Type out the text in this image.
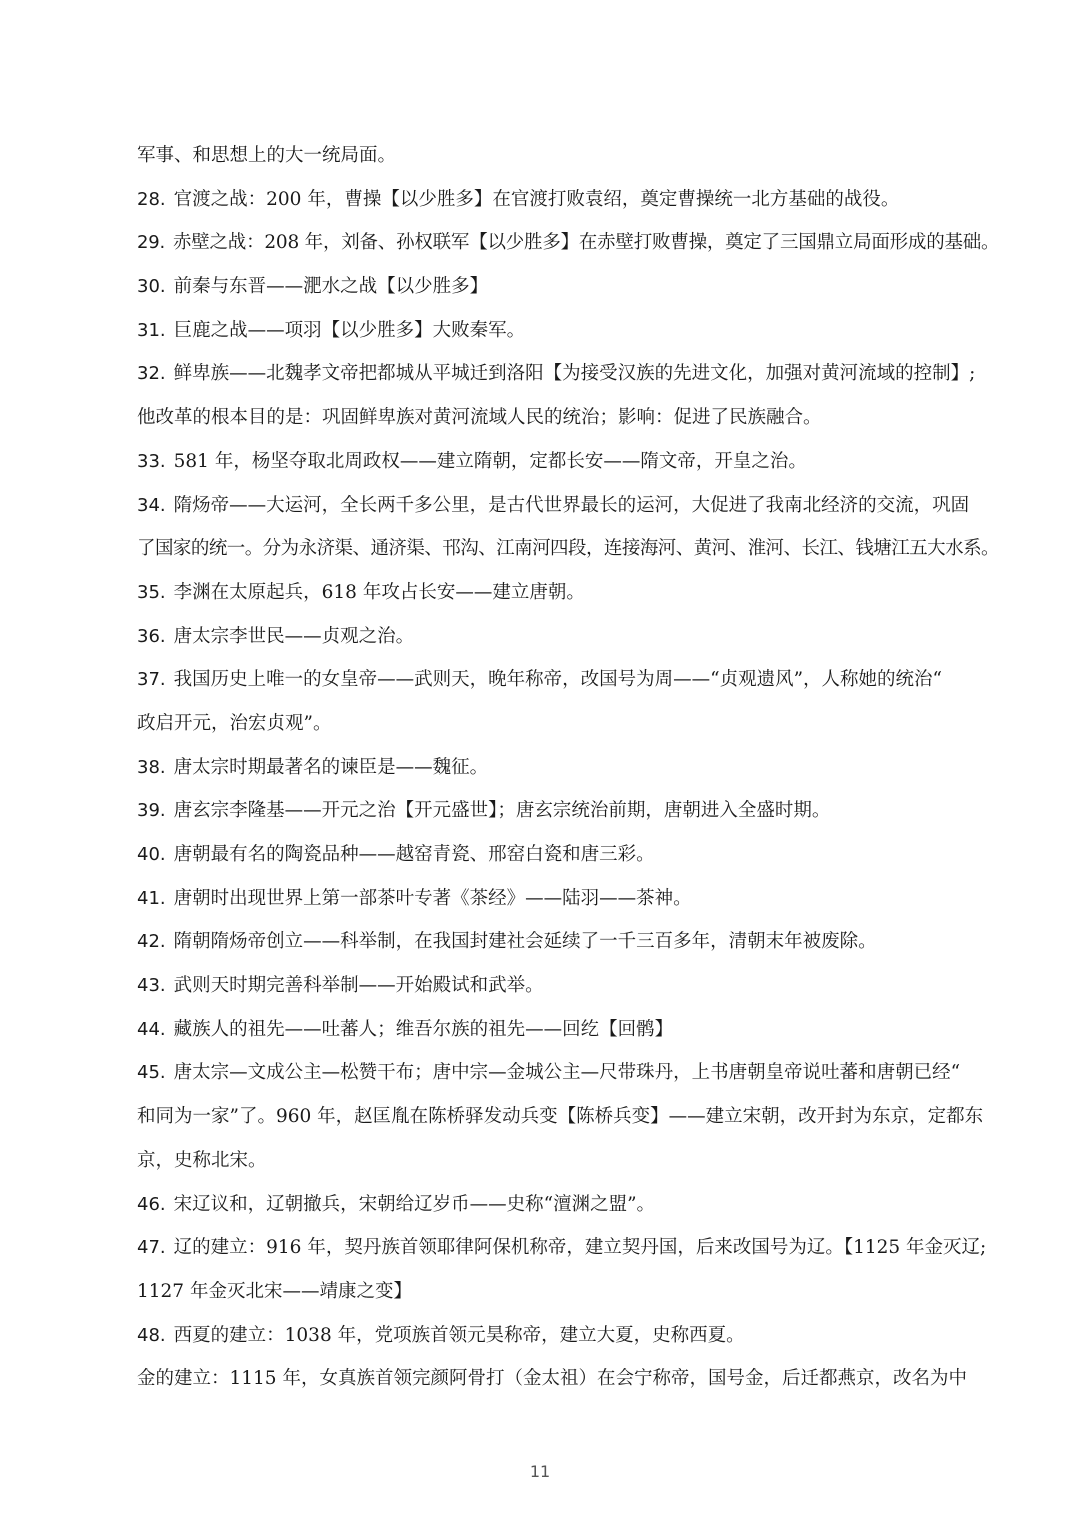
军事、和思想上的大一统局面。
28. 官渡之战：200 年，曹操【以少胜多】在官渡打败袁绍，奠定曹操统一北方基础的战役。
29. 赤壁之战：208 年，刘备、孙权联军【以少胜多】在赤壁打败曹操，奠定了三国鼎立局面形成的基础。
30. 前秦与东晋——淝水之战【以少胜多】
31. 巨鹿之战——项羽【以少胜多】大败秦军。
32. 鲜卑族——北魏孝文帝把都城从平城迁到洛阳【为接受汉族的先进文化，加强对黄河流域的控制】;
他改革的根本目的是：巩固鲜卑族对黄河流域人民的统治；影响：促进了民族融合。
33. 581 年，杨坚夺取北周政权——建立隋朝，定都长安——隋文帝，开皇之治。
34. 隋炀帝——大运河，全长两千多公里，是古代世界最长的运河，大促进了我南北经济的交流，巩固
了国家的统一。分为永济渠、通济渠、邗沟、江南河四段，连接海河、黄河、淮河、长江、钱塘江五大水系。
35. 李渊在太原起兵，618 年攻占长安——建立唐朝。
36. 唐太宗李世民——贞观之治。
37. 我国历史上唯一的女皇帝——武则天，晚年称帝，改国号为周——“贞观遗风”，人称她的统治“
政启开元，治宏贞观”。
38. 唐太宗时期最著名的谏臣是——魏征。
39. 唐玄宗李隆基——开元之治【开元盛世】；唐玄宗统治前期，唐朝进入全盛时期。
40. 唐朝最有名的陶瓷品种——越窑青瓷、邢窑白瓷和唐三彩。
41. 唐朝时出现世界上第一部茶叶专著《茶经》——陆羽——茶神。
42. 隋朝隋炀帝创立——科举制，在我国封建社会延续了一千三百多年，清朝末年被废除。
43. 武则天时期完善科举制——开始殿试和武举。
44. 藏族人的祖先——吐蕃人；维吾尔族的祖先——回纥【回鹘】
45. 唐太宗—文成公主—松赞干布；唐中宗—金城公主—尺带珠丹，上书唐朝皇帝说吐蕃和唐朝已经“
和同为一家”了。960 年，赵匡胤在陈桥驿发动兵变【陈桥兵变】——建立宋朝，改开封为东京，定都东
京，史称北宋。
46. 宋辽议和，辽朝撤兵，宋朝给辽岁币——史称“澶渊之盟”。
47. 辽的建立：916 年，契丹族首领耶律阿保机称帝，建立契丹国，后来改国号为辽。【1125 年金灭辽;
1127 年金灭北宋——靖康之变】
48. 西夏的建立：1038 年，党项族首领元昊称帝，建立大夏，史称西夏。
金的建立：1115 年，女真族首领完颜阿骨打（金太祖）在会宁称帝，国号金，后迁都燕京，改名为中
11
